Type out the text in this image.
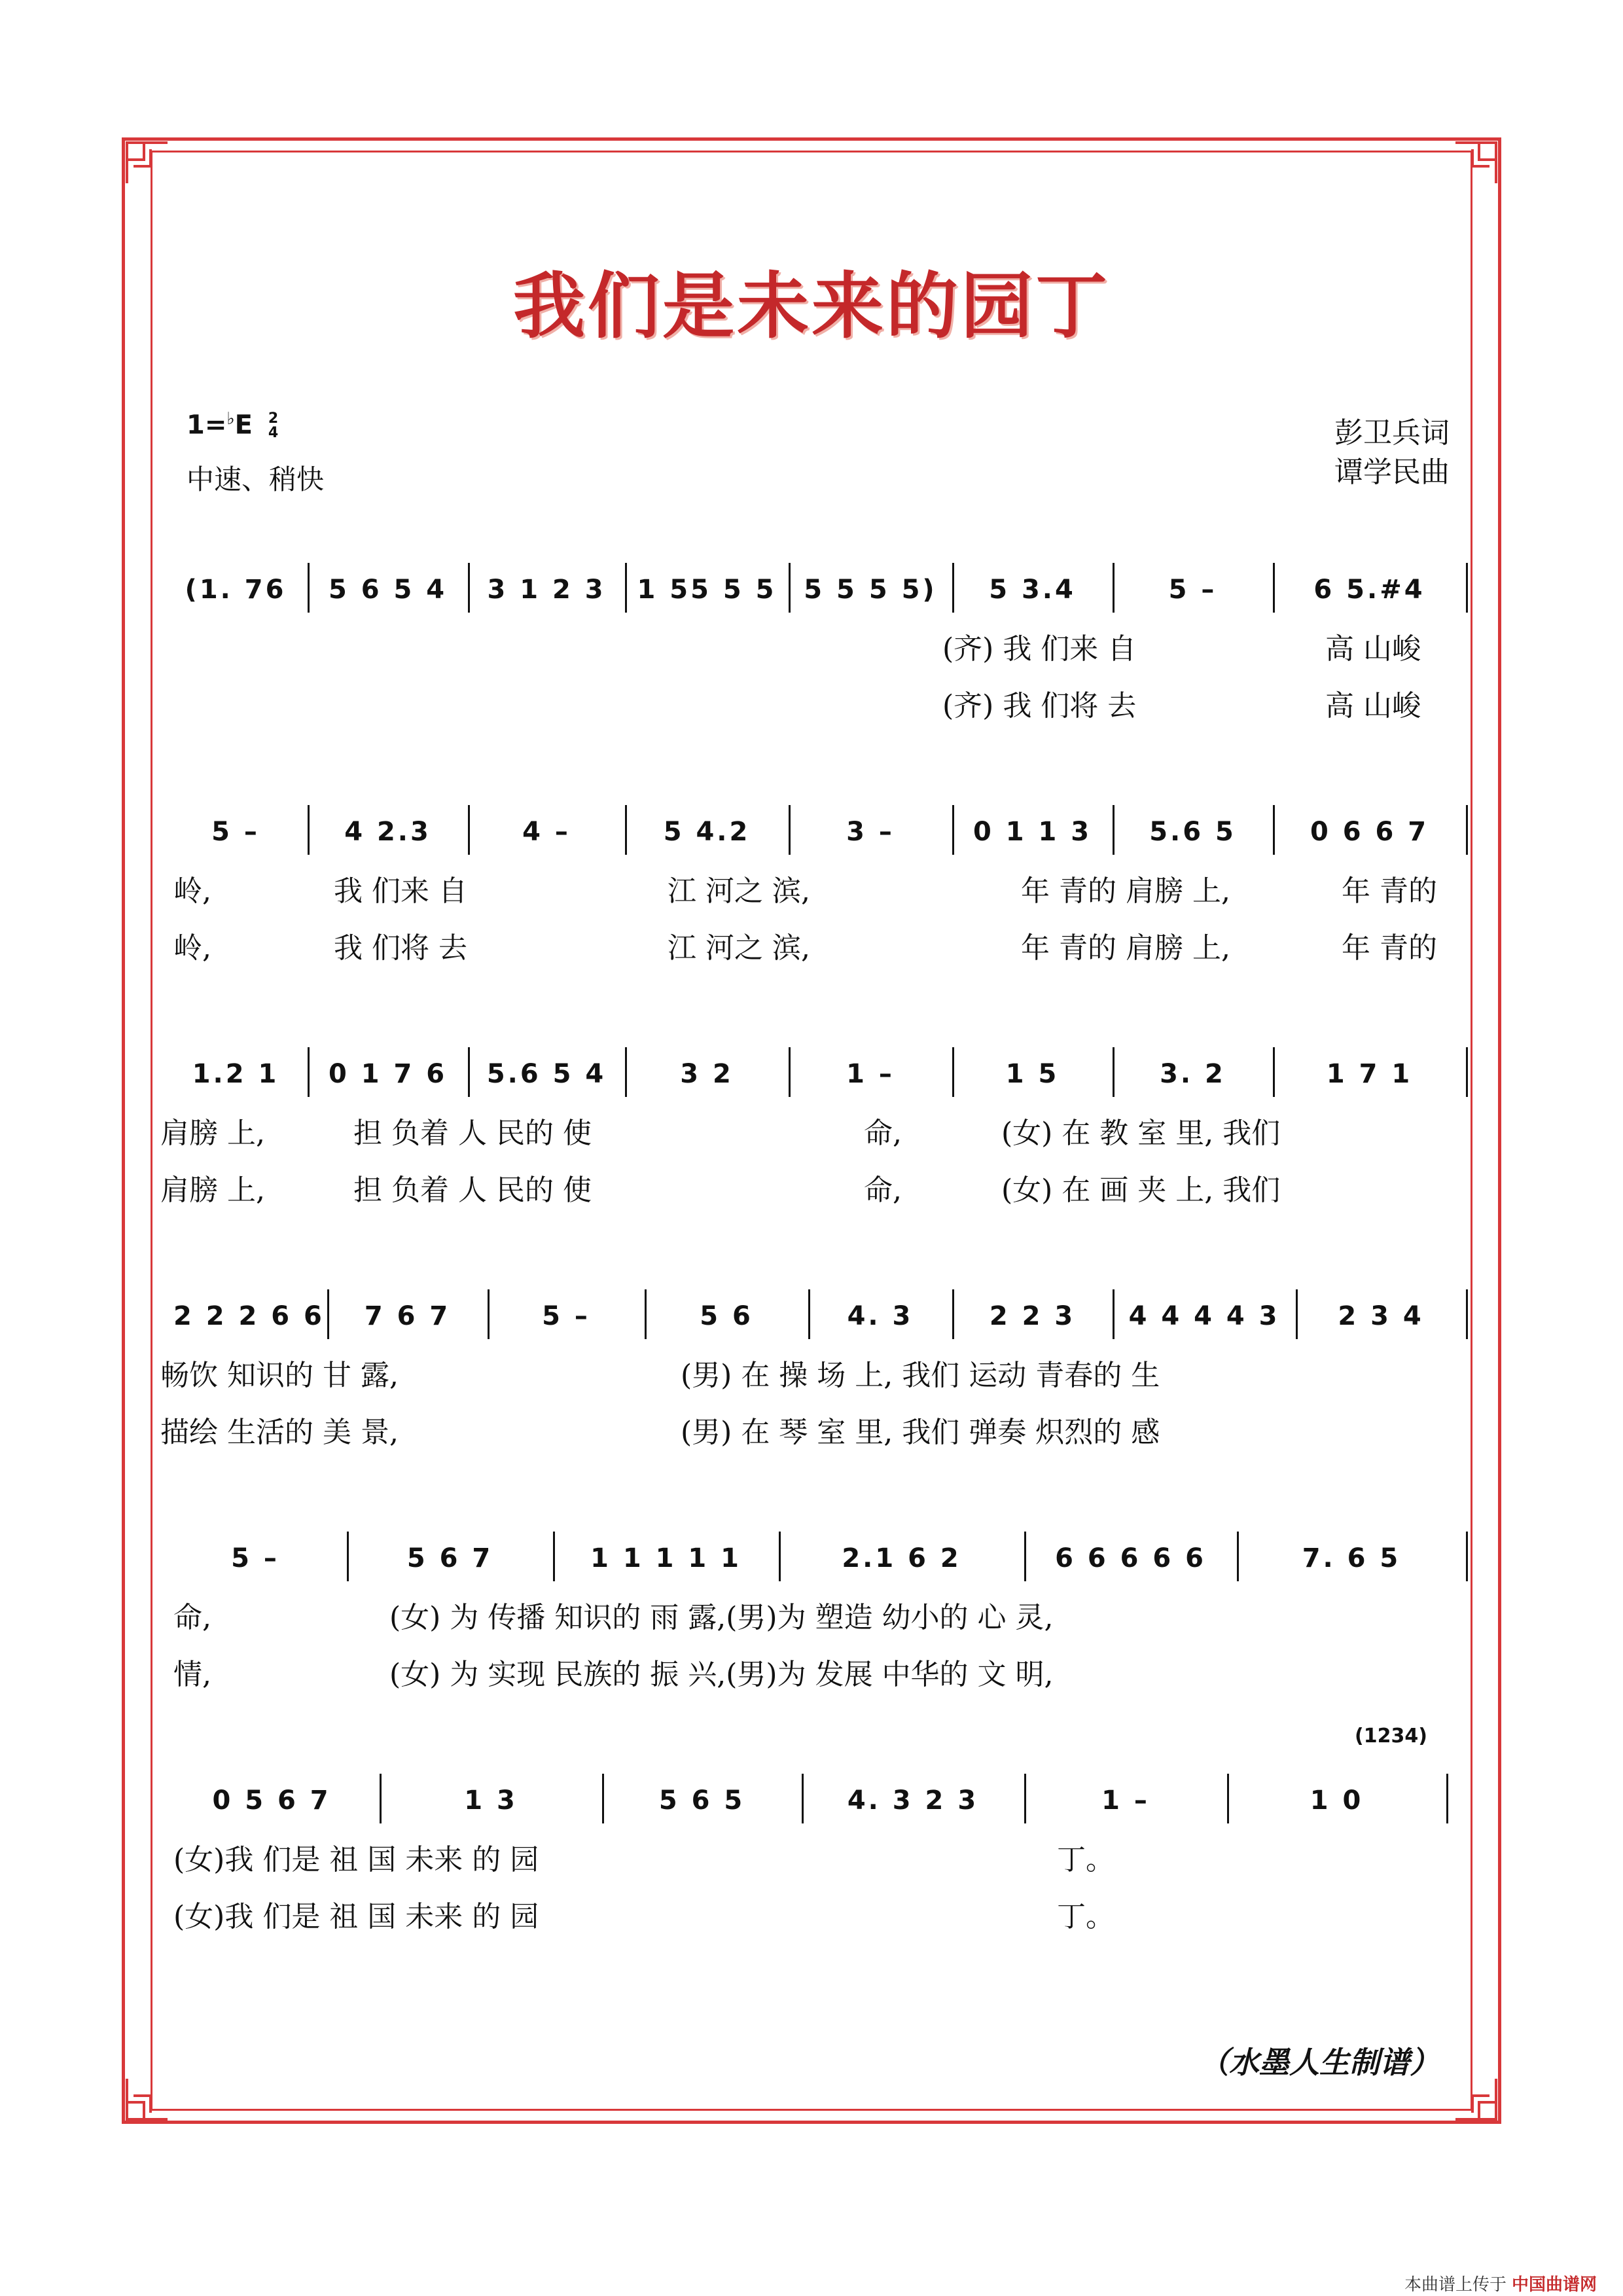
我们是未来的园丁
1=♭E 2
4
中速、稍快
彭卫兵词
谭学民曲
(1. 76	5 6 5 4	3 1 2 3	1 55 5 5 5 5 5 5)	5 3.4	5 –	6 5.#4
(齐) 我 们来 自	高 山峻
(齐) 我 们将 去	高 山峻
5 –	4 2.3	4 –	5 4.2	3 –	0 1 1 3	5.6 5	0 6 6 7
岭,	我 们来 自	江 河之 滨,	年 青的 肩膀 上,	年 青的
岭,	我 们将 去	江 河之 滨,	年 青的 肩膀 上,	年 青的
1.2 1	0 1 7 6	5.6 5 4	3 2	1 –	1 5	3. 2	1 7 1
肩膀 上,	担 负着 人 民的 使	命,	(女) 在 教 室 里, 我们
肩膀 上,	担 负着 人 民的 使	命,	(女) 在 画 夹 上, 我们
2 2 2 6 6	7 6 7	5 –	5 6	4. 3	2 2 3	4 4 4 4 3	2 3 4
畅饮 知识的 甘 露,	(男) 在 操 场 上, 我们 运动 青春的 生
描绘 生活的 美 景,	(男) 在 琴 室 里, 我们 弹奏 炽烈的 感
5 –	5 6 7	1 1 1 1 1	2.1 6 2	6 6 6 6 6	7. 6 5
命,	(女) 为 传播 知识的 雨 露,(男)为 塑造 幼小的 心 灵,
情,	(女) 为 实现 民族的 振 兴,(男)为 发展 中华的 文 明,
0 5 6 7	1 3	5 6 5	4. 3 2 3	1 –	1 0
(1234)
(女)我 们是 祖 国 未来 的 园	丁。
(女)我 们是 祖 国 未来 的 园	丁。
（水墨人生制谱）
本曲谱上传于 中国曲谱网
